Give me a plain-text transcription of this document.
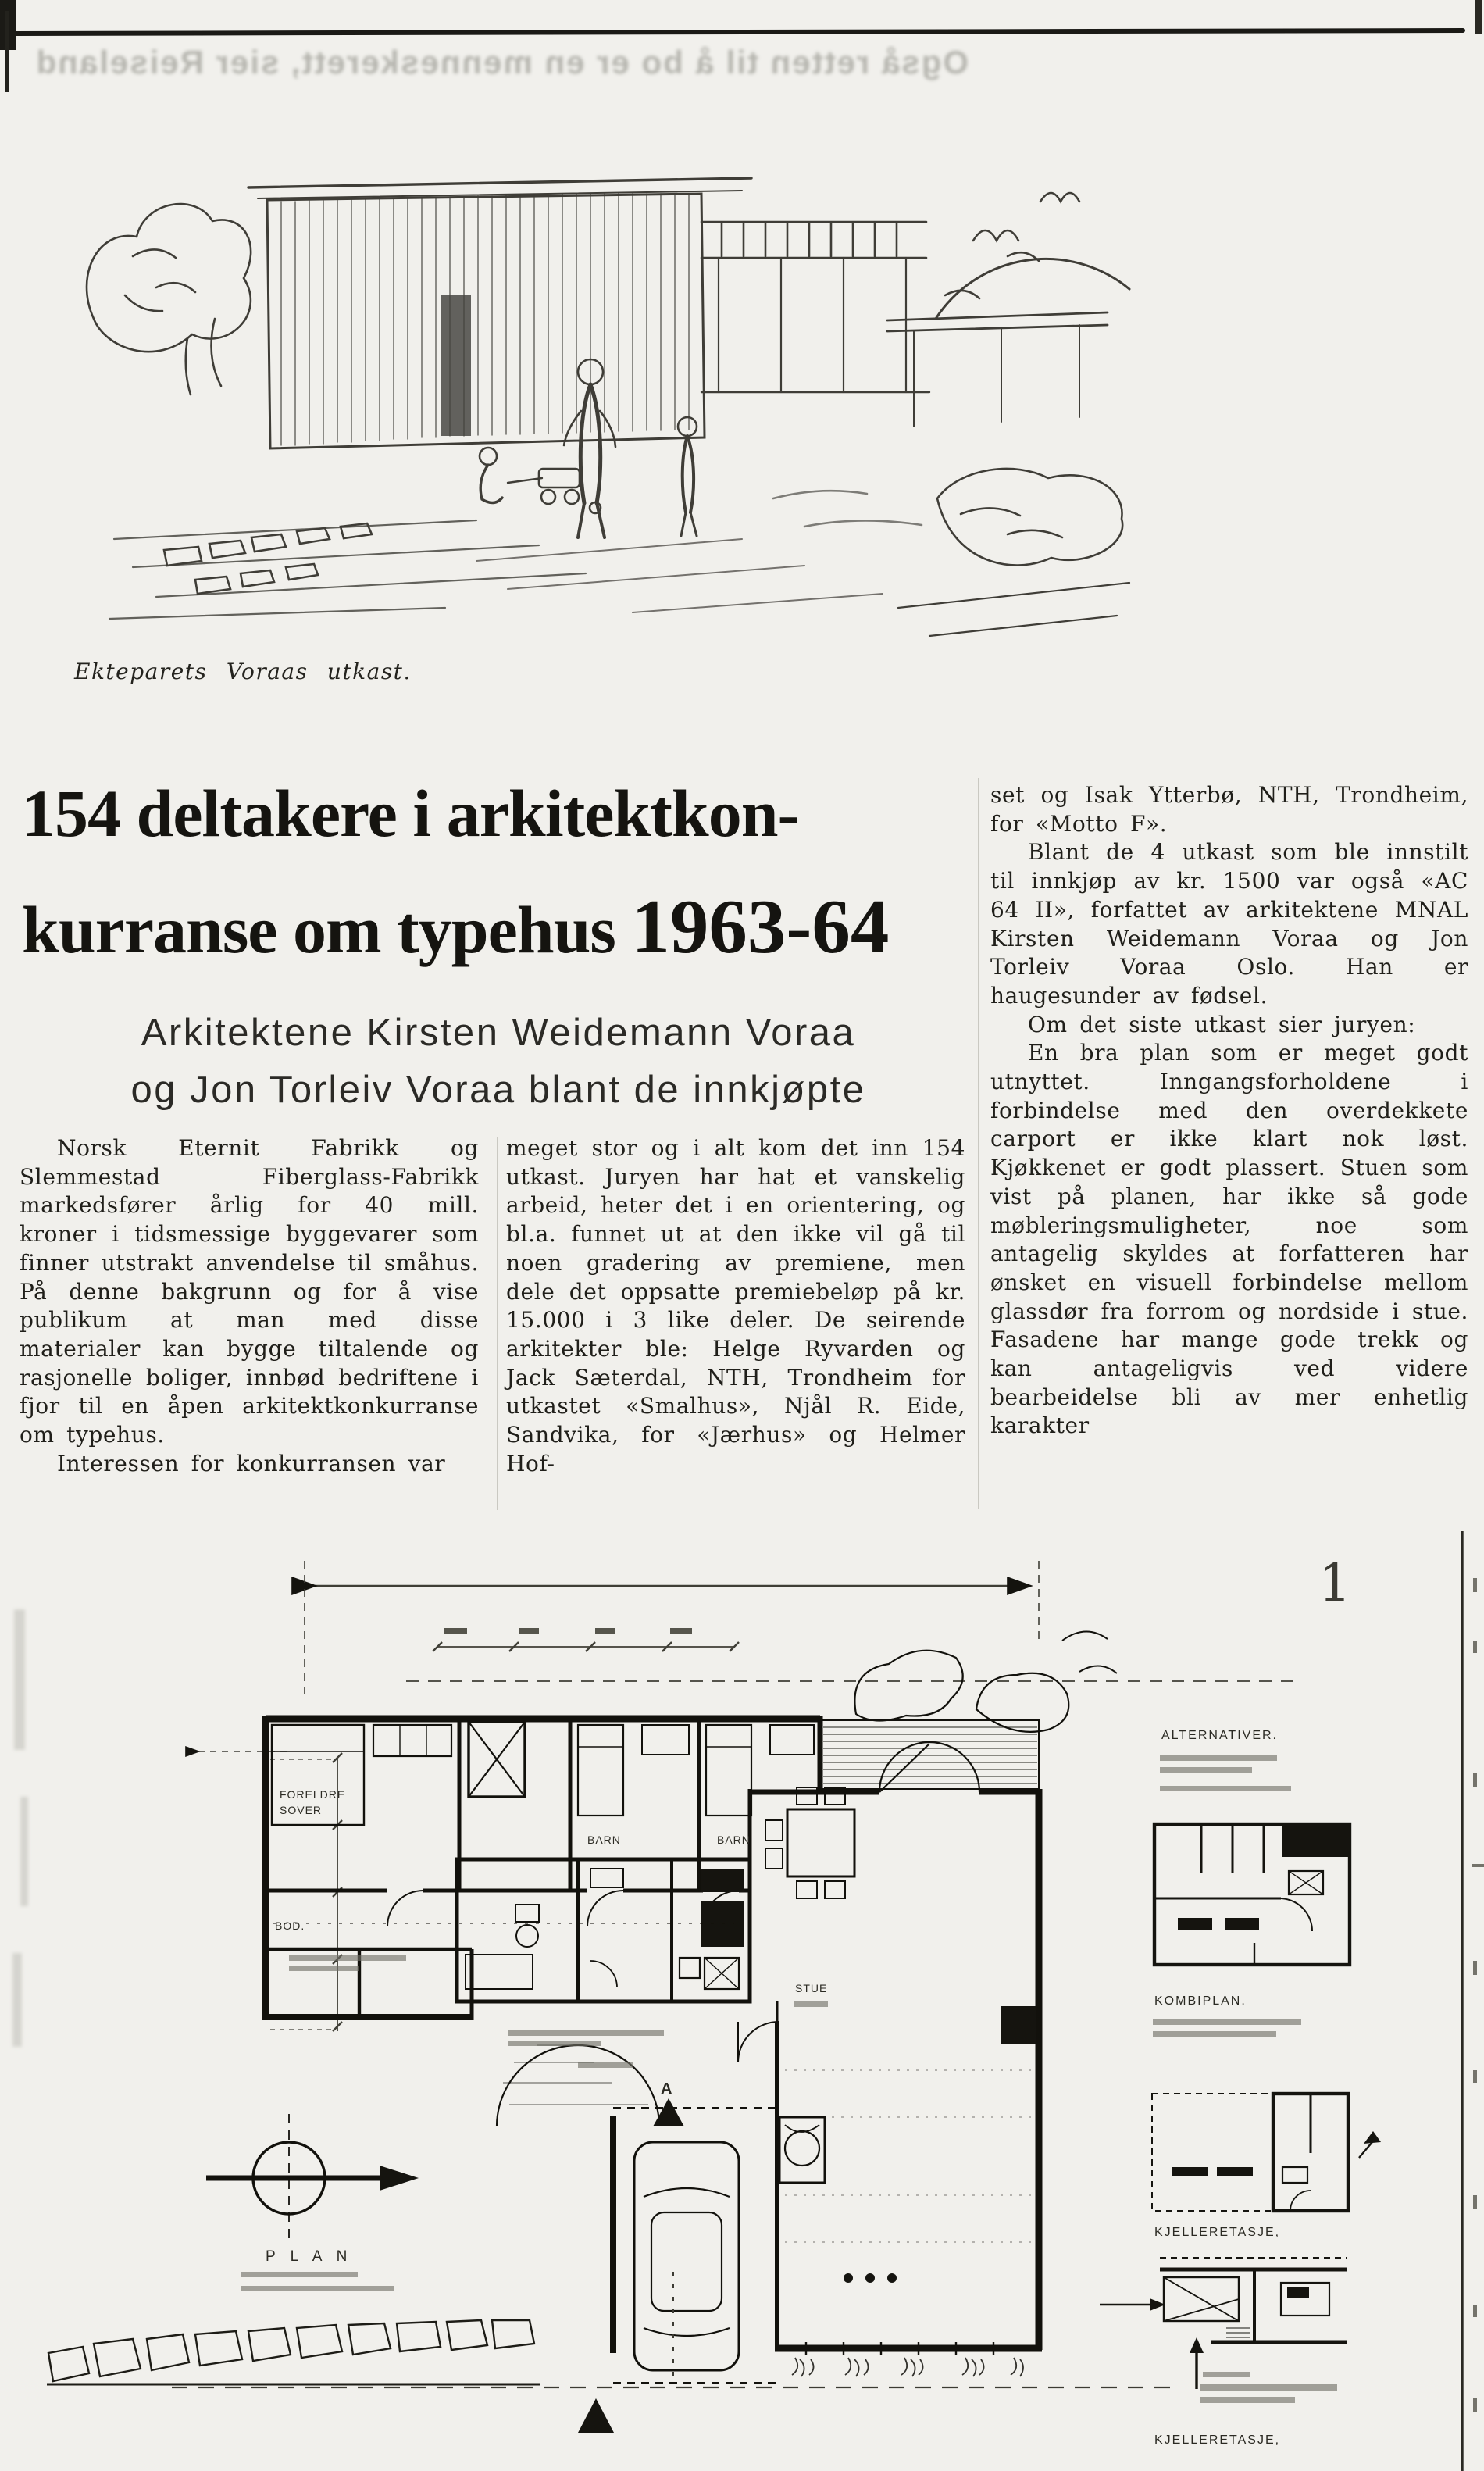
Også retten til å bo er en menneskerett, sier Reiseland
Ekteparets Voraas utkast.
154 deltakere i arkitektkon-
kurranse om typehus 1963-64
Arkitektene Kirsten Weidemann Voraa
og Jon Torleiv Voraa blant de innkjøpte

Norsk Eternit Fabrikk og Slemmestad Fiberglass-Fabrikk markedsfører årlig for 40 mill. kroner i tidsmessige byggevarer som finner utstrakt anvendelse til småhus. På denne bakgrunn og for å vise publikum at man med disse materialer kan bygge tiltalende og rasjonelle boliger, innbød bedriftene i fjor til en åpen arkitektkonkurranse om typehus.

Interessen for konkurransen var

meget stor og i alt kom det inn 154 utkast. Juryen har hat et vanskelig arbeid, heter det i en orientering, og bl.a. funnet ut at den ikke vil gå til noen gradering av premiene, men dele det oppsatte premiebeløp på kr. 15.000 i 3 like deler. De seirende arkitekter ble: Helge Ryvarden og Jack Sæterdal, NTH, Trondheim for utkastet «Smalhus», Njål R. Eide, Sandvika, for «Jærhus» og Helmer Hof-

set og Isak Ytterbø, NTH, Trondheim, for «Motto F».

Blant de 4 utkast som ble innstilt til innkjøp av kr. 1500 var også «AC 64 II», forfattet av arkitektene MNAL Kirsten Weidemann Voraa og Jon Torleiv Voraa Oslo. Han er haugesunder av fødsel.

Om det siste utkast sier juryen:

En bra plan som er meget godt utnyttet. Inngangsforholdene i forbindelse med den overdekkete carport er ikke klart nok løst. Kjøkkenet er godt plassert. Stuen som vist på planen, har ikke så gode møbleringsmuligheter, noe som antagelig skyldes at forfatteren har ønsket en visuell forbindelse mellom glassdør fra forrom og nordside i stue. Fasadene har mange gode trekk og kan antageligvis ved videre bearbeidelse bli av mer enhetlig karakter

1
FORELDRE
SOVER
BARN	BARN
BOD.
STUE
P L A N
A
ALTERNATIVER.
KOMBIPLAN.
KJELLERETASJE,
KJELLERETASJE,
